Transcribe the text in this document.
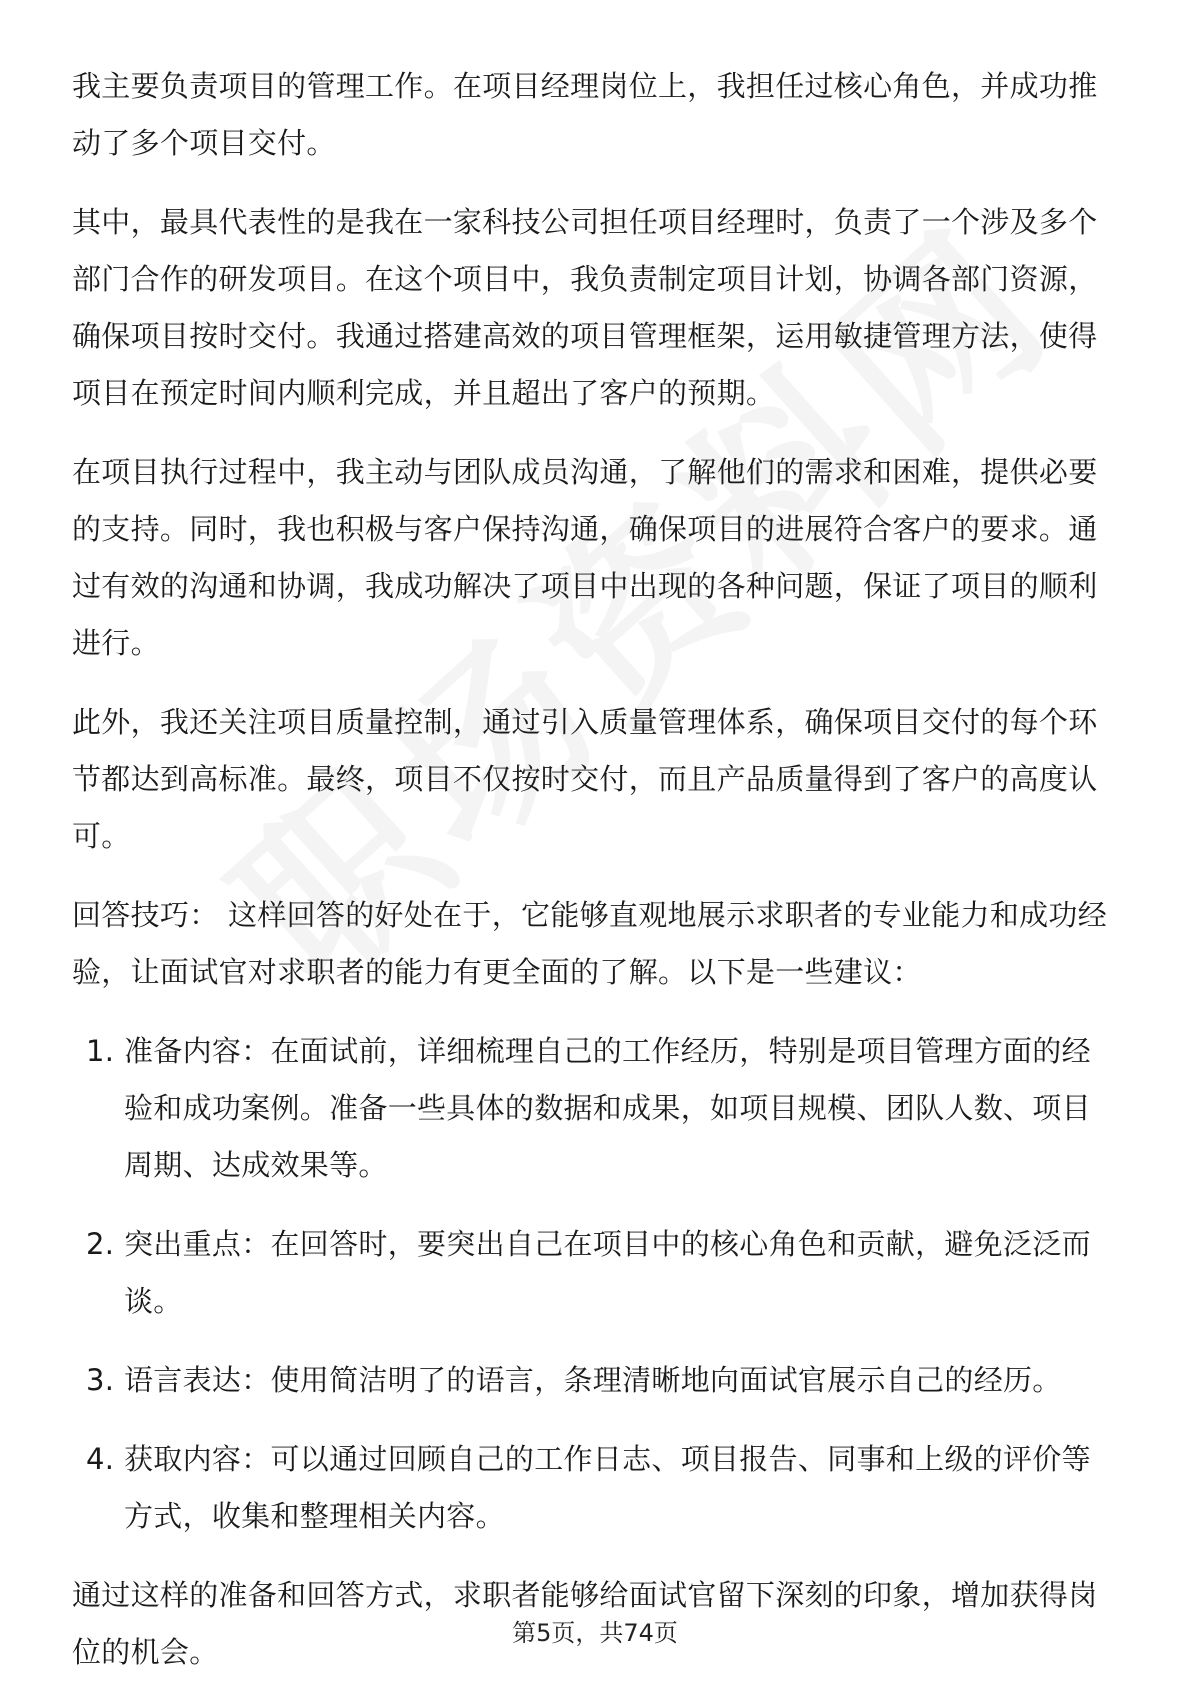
我主要负责项目的管理工作。在项目经理岗位上，我担任过核心角色，并成功推动了多个项目交付。

其中，最具代表性的是我在一家科技公司担任项目经理时，负责了一个涉及多个部门合作的研发项目。在这个项目中，我负责制定项目计划，协调各部门资源，确保项目按时交付。我通过搭建高效的项目管理框架，运用敏捷管理方法，使得项目在预定时间内顺利完成，并且超出了客户的预期。

在项目执行过程中，我主动与团队成员沟通，了解他们的需求和困难，提供必要的支持。同时，我也积极与客户保持沟通，确保项目的进展符合客户的要求。通过有效的沟通和协调，我成功解决了项目中出现的各种问题，保证了项目的顺利进行。

此外，我还关注项目质量控制，通过引入质量管理体系，确保项目交付的每个环节都达到高标准。最终，项目不仅按时交付，而且产品质量得到了客户的高度认可。

回答技巧： 这样回答的好处在于，它能够直观地展示求职者的专业能力和成功经验，让面试官对求职者的能力有更全面的了解。以下是一些建议：

1. 准备内容：在面试前，详细梳理自己的工作经历，特别是项目管理方面的经验和成功案例。准备一些具体的数据和成果，如项目规模、团队人数、项目周期、达成效果等。
2. 突出重点：在回答时，要突出自己在项目中的核心角色和贡献，避免泛泛而谈。
3. 语言表达：使用简洁明了的语言，条理清晰地向面试官展示自己的经历。
4. 获取内容：可以通过回顾自己的工作日志、项目报告、同事和上级的评价等方式，收集和整理相关内容。

通过这样的准备和回答方式，求职者能够给面试官留下深刻的印象，增加获得岗位的机会。

第5页，共74页
